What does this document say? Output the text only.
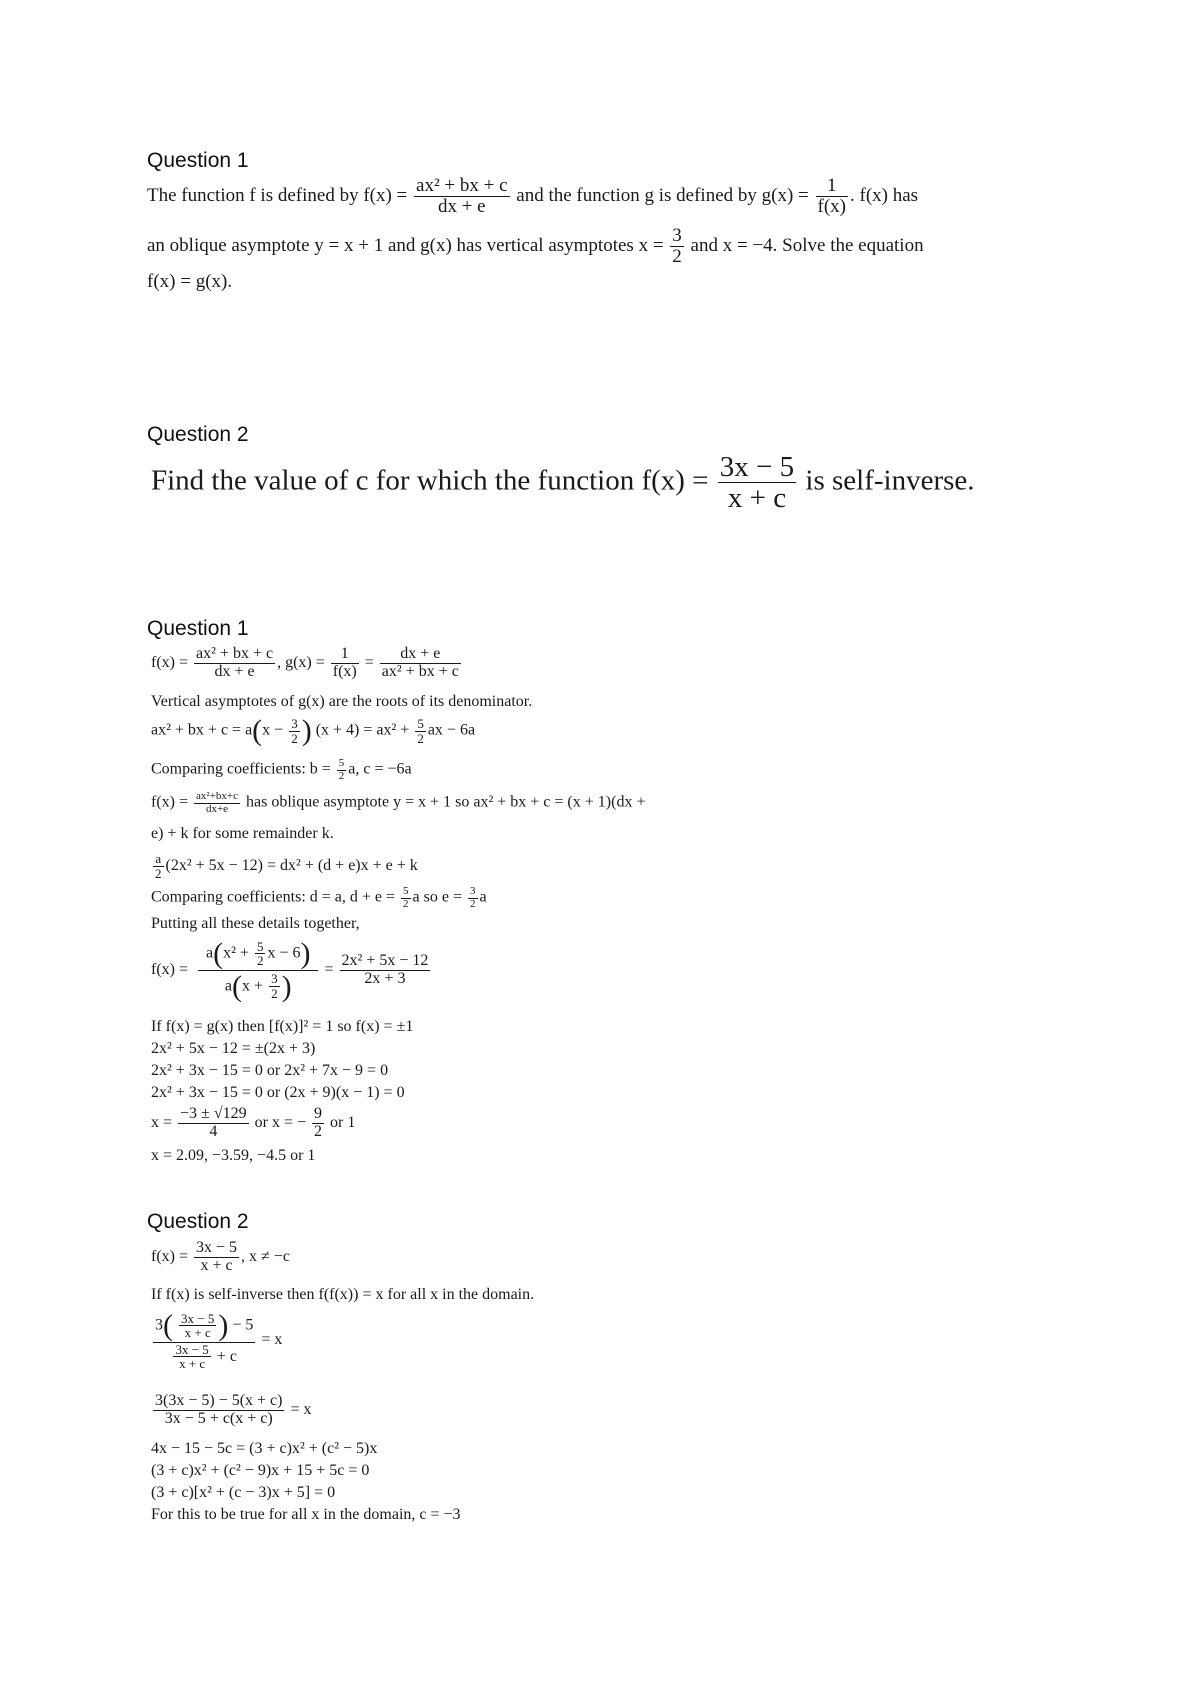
Question 1
The function f is defined by $f(x) = \frac{\text{ax² + bx + c}}{dx + e}$ and the function g is defined by $g(x) = \frac{1}{f(x)}$ . f(x) has
an oblique asymptote y = x + 1 and g(x) has vertical asymptotes $x = \frac{3}{2}$ and x = −4. Solve the equation
f(x) = g(x).
Question 2
Find the value of c for which the function $f(x) = \frac{3x - 5}{x + c}$ is self-inverse.
Question 1
$f(x) = \frac{\text{ax² + bx + c}}{dx + e}$ , $g(x) = \frac{1}{f(x)} = \frac{dx + e}{\text{ax² + bx + c}}$
Vertical asymptotes of g(x) are the roots of its denominator.
ax² + bx + $c = a(x - \frac{3}{2}$ ) $(x + 4) = ax^2 + \frac{5}{2}$ ax − 6a
Comparing coefficients: $b = \frac{5}{2} a$, c = −6a
$f(x) = \frac{\text{ax²+bx+c}}{dx+e}$ has oblique asymptote y = x + 1 so ax² + bx + c = (x + 1)(dx +
e) + k for some remainder k.
$\frac{a}{2} (2x^2 + 5x - 12) = dx^2 + (d + e)x + e + k$
Comparing coefficients: d = a, $d + e = \frac{5}{2}$ a so $e = \frac{3}{2}$ a
Putting all these details together,
$f(x) = \frac{a(x^2 + \frac{5}{2} x - 6)}{a(x + \frac{3}{2} )} = \frac{\text{2x² + 5x − 12}}{2x + 3}$
If f(x) = g(x) then [f(x)]² = 1 so f(x) = ±1
2x² + 5x − 12 = ±(2x + 3)
2x² + 3x − 15 = 0 or 2x² + 7x − 9 = 0
2x² + 3x − 15 = 0 or (2x + 9)(x − 1) = 0
$x = \frac{-3 \pm √129}{4}$ or x = − $\frac{9}{2}$ or 1
x = 2.09, −3.59, −4.5 or 1
Question 2
$f(x) = \frac{3x - 5}{x + c}$ , x ≠ −c
If f(x) is self-inverse then f(f(x)) = x for all x in the domain.
$\frac{3( \frac{3x - 5}{x + c} ) - 5}{\frac{3x - 5}{x + c} + c} = x$
$\frac{3(3x - 5) - 5(x + c)}{3x - 5 + c(x + c)} = x$
4x − 15 − 5c = (3 + c)x² + (c² − 5)x
(3 + c)x² + (c² − 9)x + 15 + 5c = 0
(3 + c)[x² + (c − 3)x + 5] = 0
For this to be true for all x in the domain, c = −3
